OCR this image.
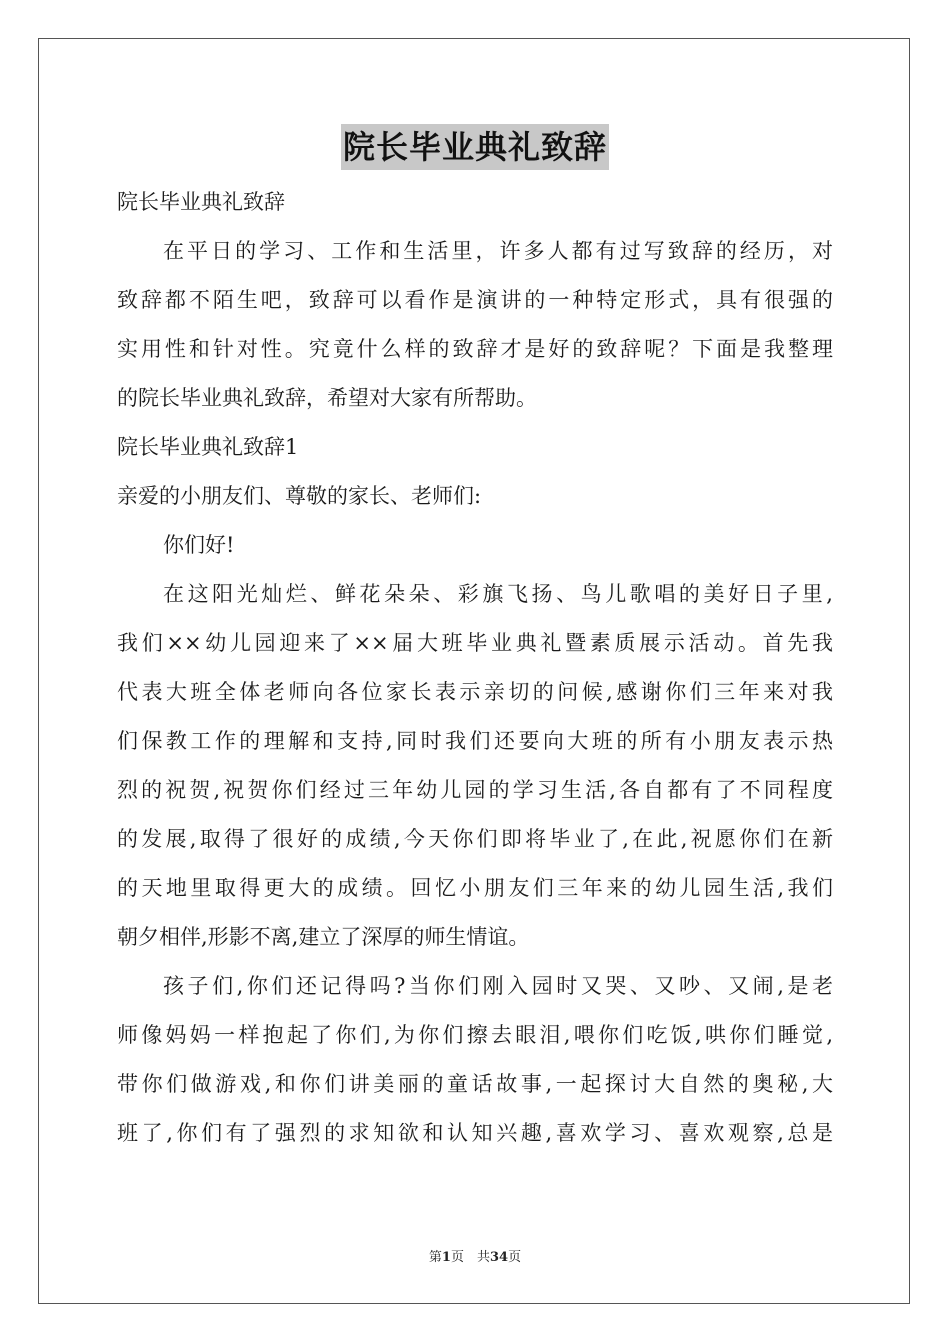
院长毕业典礼致辞

院长毕业典礼致辞

在平日的学习、工作和生活里，许多人都有过写致辞的经历，对

致辞都不陌生吧，致辞可以看作是演讲的一种特定形式，具有很强的

实用性和针对性。究竟什么样的致辞才是好的致辞呢？下面是我整理

的院长毕业典礼致辞，希望对大家有所帮助。

院长毕业典礼致辞1

亲爱的小朋友们、尊敬的家长、老师们:

你们好!

在这阳光灿烂、鲜花朵朵、彩旗飞扬、鸟儿歌唱的美好日子里,

我们××幼儿园迎来了××届大班毕业典礼暨素质展示活动。首先我

代表大班全体老师向各位家长表示亲切的问候,感谢你们三年来对我

们保教工作的理解和支持,同时我们还要向大班的所有小朋友表示热

烈的祝贺,祝贺你们经过三年幼儿园的学习生活,各自都有了不同程度

的发展,取得了很好的成绩,今天你们即将毕业了,在此,祝愿你们在新

的天地里取得更大的成绩。回忆小朋友们三年来的幼儿园生活,我们

朝夕相伴,形影不离,建立了深厚的师生情谊。

孩子们,你们还记得吗?当你们刚入园时又哭、又吵、又闹,是老

师像妈妈一样抱起了你们,为你们擦去眼泪,喂你们吃饭,哄你们睡觉,

带你们做游戏,和你们讲美丽的童话故事,一起探讨大自然的奥秘,大

班了,你们有了强烈的求知欲和认知兴趣,喜欢学习、喜欢观察,总是

第1页　共34页
